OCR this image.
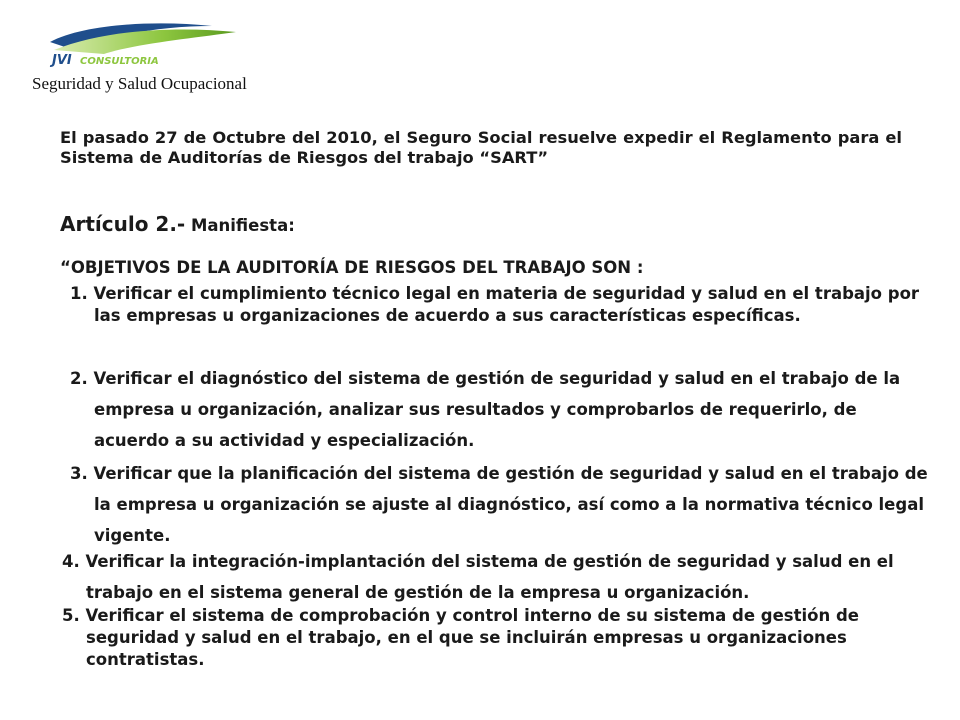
JVI CONSULTORIA
Seguridad y Salud Ocupacional

El pasado 27 de Octubre del 2010, el Seguro Social resuelve expedir el Reglamento para el Sistema de Auditorías de Riesgos del trabajo “SART”

Artículo 2.- Manifiesta:

“OBJETIVOS DE LA AUDITORÍA DE RIESGOS DEL TRABAJO SON :

1. Verificar el cumplimiento técnico legal en materia de seguridad y salud en el trabajo por las empresas u organizaciones de acuerdo a sus características específicas.

2. Verificar el diagnóstico del sistema de gestión de seguridad y salud en el trabajo de la empresa u organización, analizar sus resultados y comprobarlos de requerirlo, de acuerdo a su actividad y especialización.

3. Verificar que la planificación del sistema de gestión de seguridad y salud en el trabajo de la empresa u organización se ajuste al diagnóstico, así como a la normativa técnico legal vigente.

4. Verificar la integración-implantación del sistema de gestión de seguridad y salud en el trabajo en el sistema general de gestión de la empresa u organización.

5. Verificar el sistema de comprobación y control interno de su sistema de gestión de seguridad y salud en el trabajo, en el que se incluirán empresas u organizaciones contratistas.
